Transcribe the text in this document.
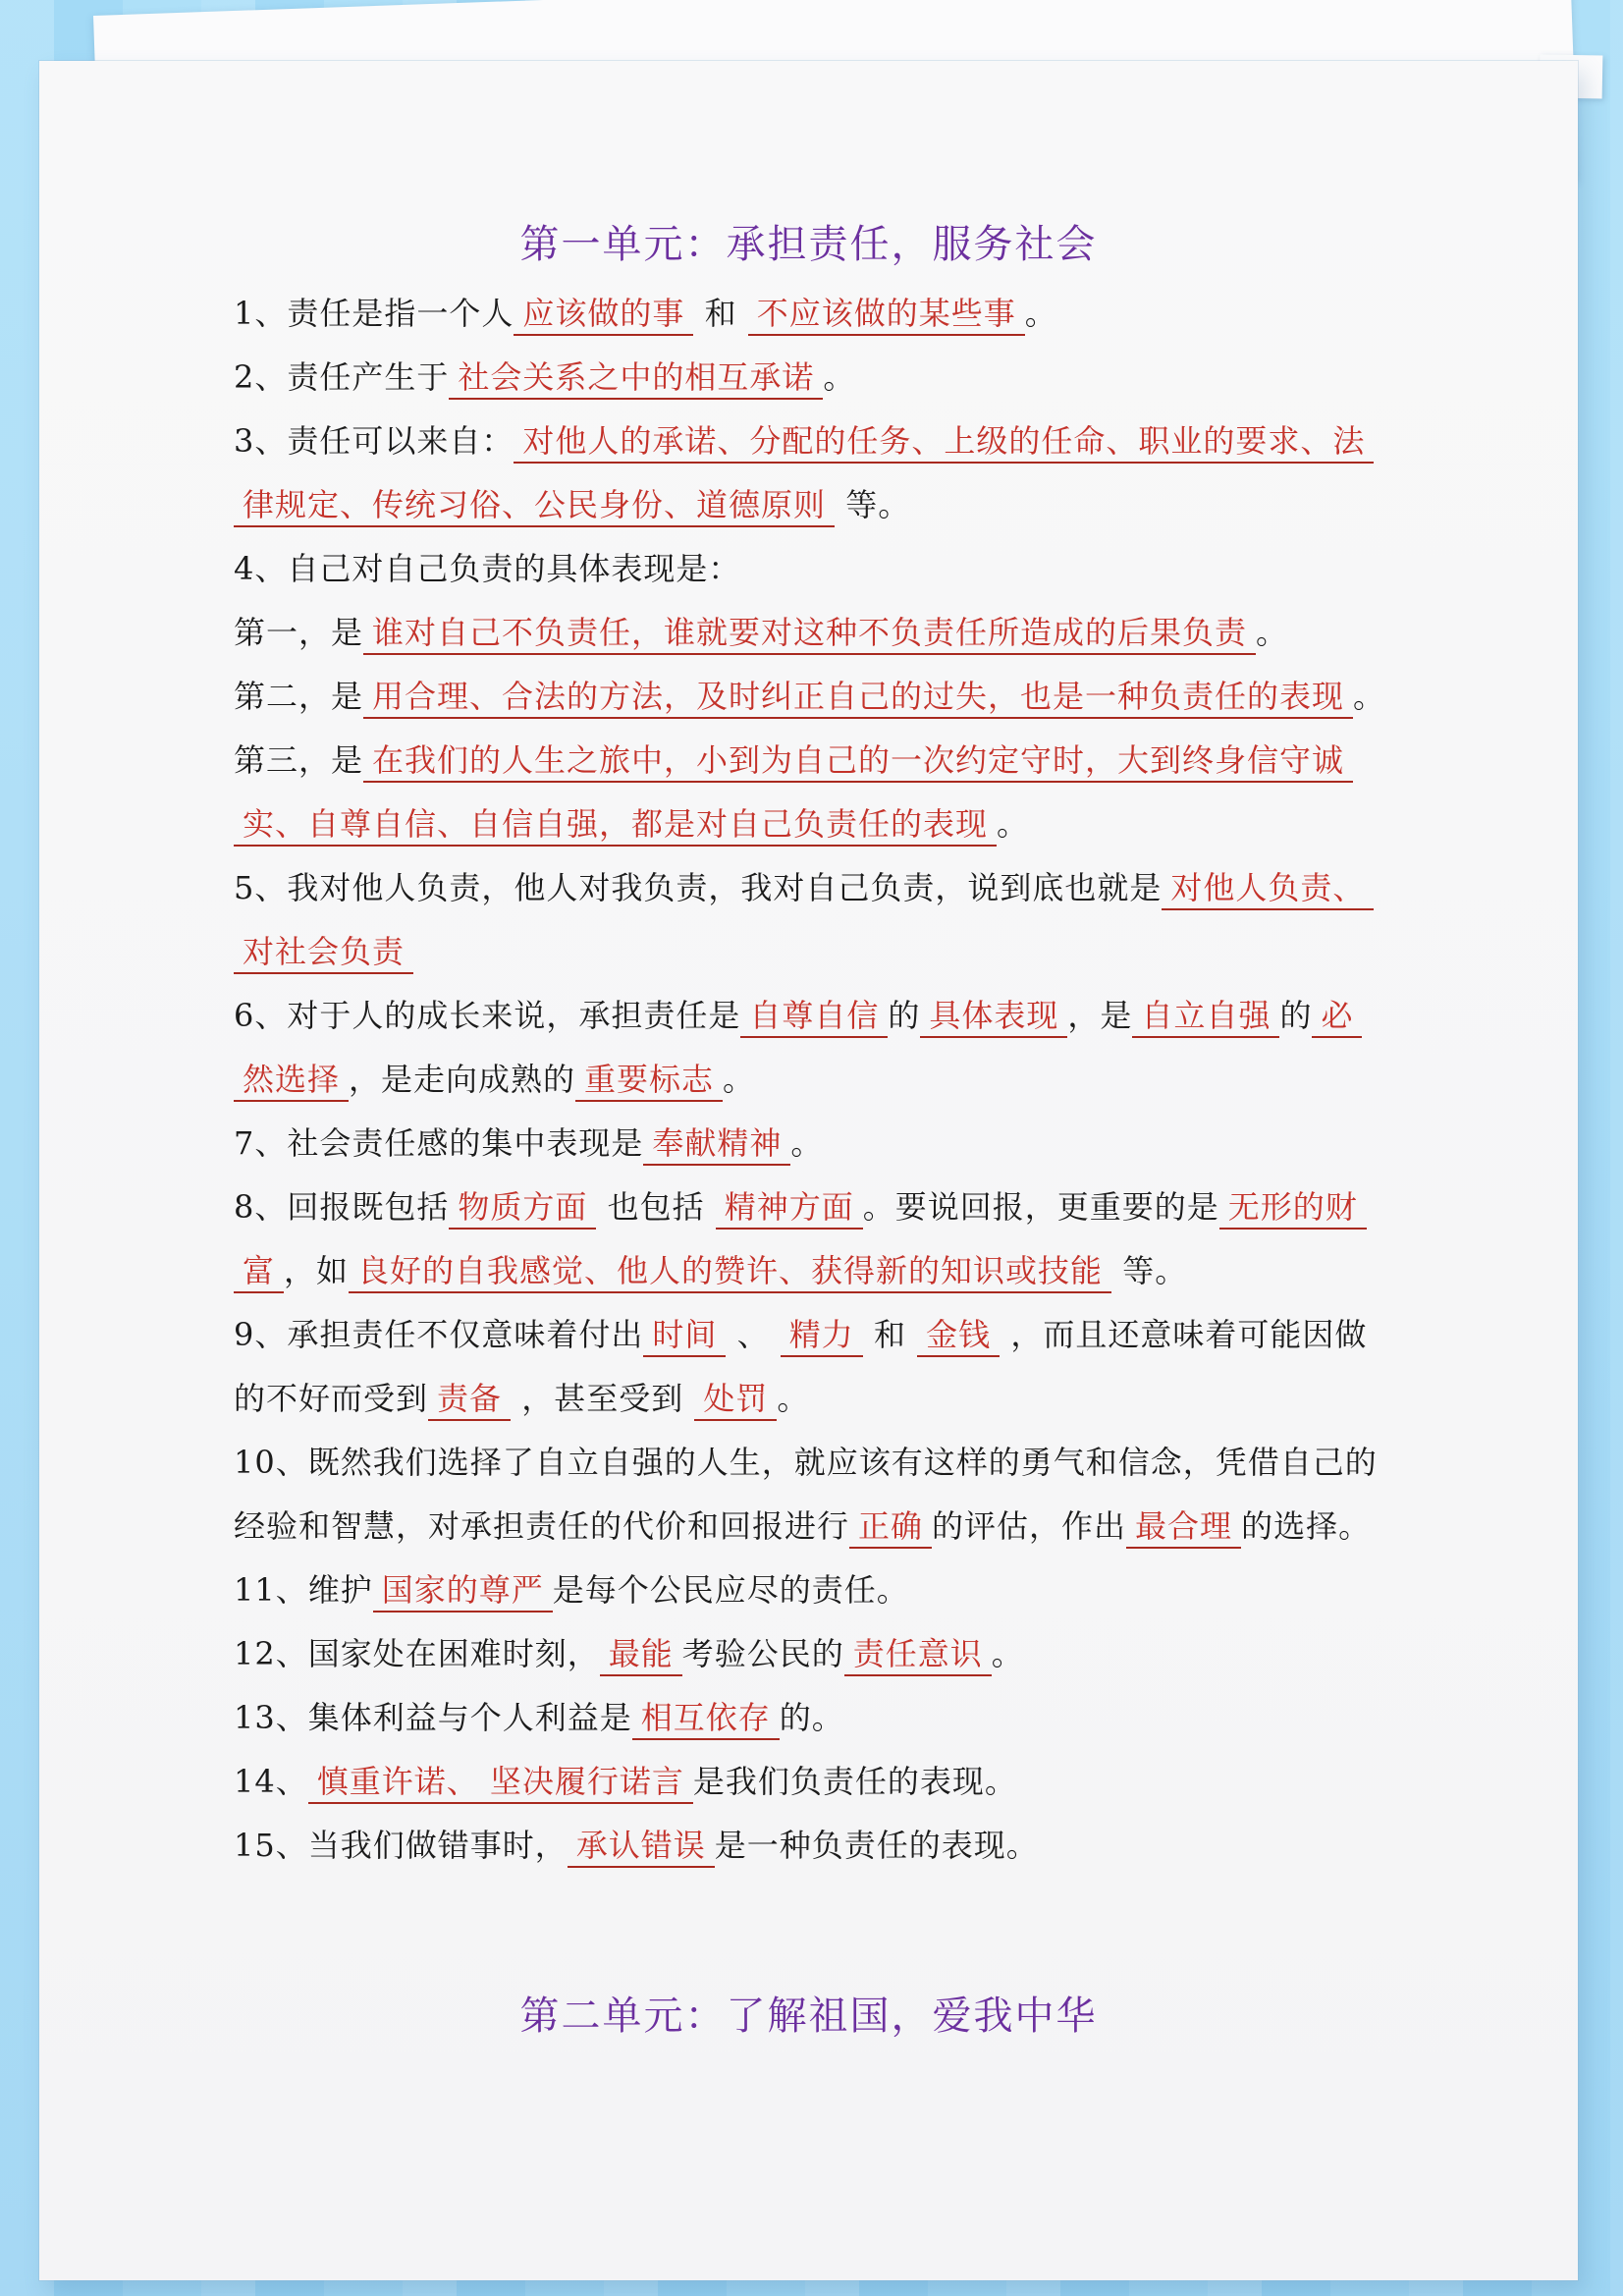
第一单元：承担责任，服务社会
1、责任是指一个人 应该做的事 和 不应该做的某些事 。
2、责任产生于 社会关系之中的相互承诺 。
3、责任可以来自： 对他人的承诺、分配的任务、上级的任命、职业的要求、法
律规定、传统习俗、公民身份、道德原则 等。
4、自己对自己负责的具体表现是：
第一，是 谁对自己不负责任，谁就要对这种不负责任所造成的后果负责 。
第二，是 用合理、合法的方法，及时纠正自己的过失，也是一种负责任的表现 。
第三，是 在我们的人生之旅中，小到为自己的一次约定守时，大到终身信守诚
实、自尊自信、自信自强，都是对自己负责任的表现 。
5、我对他人负责，他人对我负责，我对自己负责，说到底也就是 对他人负责、
对社会负责
6、对于人的成长来说，承担责任是 自尊自信 的 具体表现 ，是 自立自强 的 必
然选择 ，是走向成熟的 重要标志 。
7、社会责任感的集中表现是 奉献精神 。
8、回报既包括 物质方面 也包括 精神方面 。要说回报，更重要的是 无形的财
富 ，如 良好的自我感觉、他人的赞许、获得新的知识或技能 等。
9、承担责任不仅意味着付出 时间 、 精力 和 金钱 ，而且还意味着可能因做
的不好而受到 责备 ，甚至受到 处罚 。
10、既然我们选择了自立自强的人生，就应该有这样的勇气和信念，凭借自己的
经验和智慧，对承担责任的代价和回报进行 正确 的评估，作出 最合理 的选择。
11、维护 国家的尊严 是每个公民应尽的责任。
12、国家处在困难时刻， 最能 考验公民的 责任意识 。
13、集体利益与个人利益是 相互依存 的。
14、 慎重许诺、 坚决履行诺言 是我们负责任的表现。
15、当我们做错事时， 承认错误 是一种负责任的表现。
第二单元：了解祖国，爱我中华
